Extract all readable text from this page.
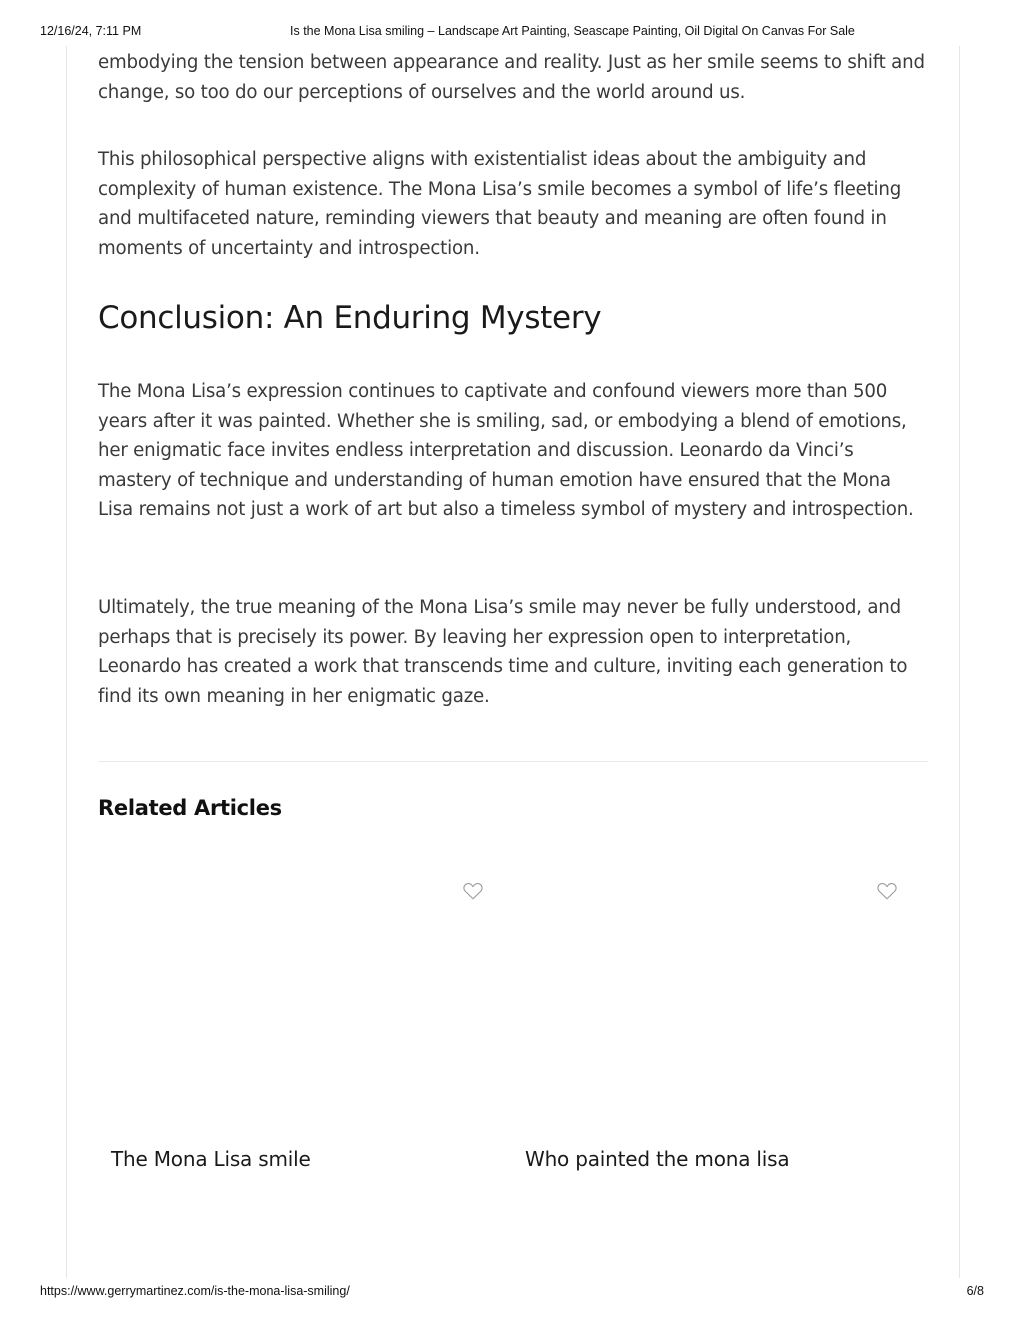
12/16/24, 7:11 PM	Is the Mona Lisa smiling – Landscape Art Painting, Seascape Painting, Oil Digital On Canvas For Sale

embodying the tension between appearance and reality. Just as her smile seems to shift and change, so too do our perceptions of ourselves and the world around us.

This philosophical perspective aligns with existentialist ideas about the ambiguity and complexity of human existence. The Mona Lisa’s smile becomes a symbol of life’s fleeting and multifaceted nature, reminding viewers that beauty and meaning are often found in moments of uncertainty and introspection.

Conclusion: An Enduring Mystery

The Mona Lisa’s expression continues to captivate and confound viewers more than 500 years after it was painted. Whether she is smiling, sad, or embodying a blend of emotions, her enigmatic face invites endless interpretation and discussion. Leonardo da Vinci’s mastery of technique and understanding of human emotion have ensured that the Mona Lisa remains not just a work of art but also a timeless symbol of mystery and introspection.

Ultimately, the true meaning of the Mona Lisa’s smile may never be fully understood, and perhaps that is precisely its power. By leaving her expression open to interpretation, Leonardo has created a work that transcends time and culture, inviting each generation to find its own meaning in her enigmatic gaze.

Related Articles
The Mona Lisa smile	Who painted the mona lisa
https://www.gerrymartinez.com/is-the-mona-lisa-smiling/	6/8
